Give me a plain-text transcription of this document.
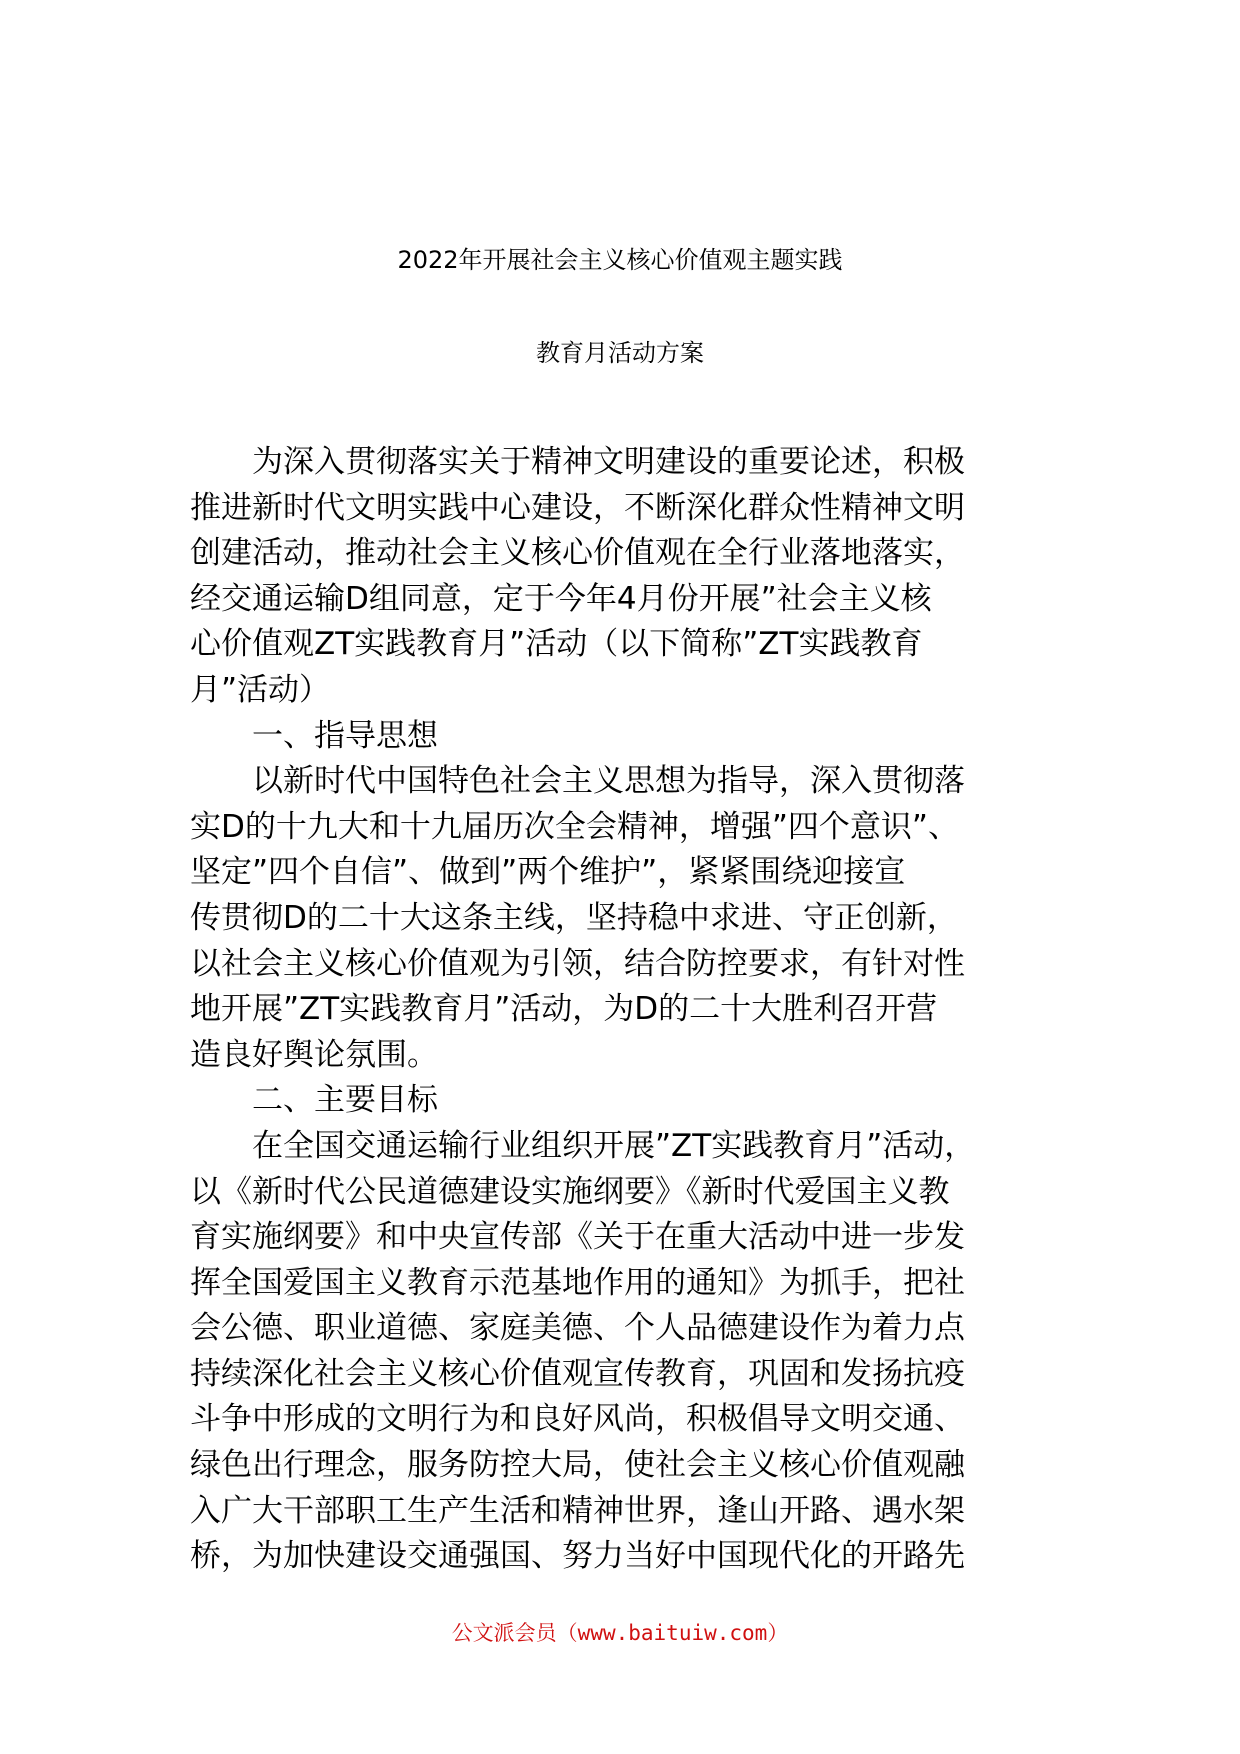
2022年开展社会主义核心价值观主题实践
教育月活动方案
　　为深入贯彻落实关于精神文明建设的重要论述，积极
推进新时代文明实践中心建设，不断深化群众性精神文明
创建活动，推动社会主义核心价值观在全行业落地落实，
经交通运输D组同意，定于今年4月份开展”社会主义核
心价值观ZT实践教育月”活动（以下简称”ZT实践教育
月”活动）
　　一、指导思想
　　以新时代中国特色社会主义思想为指导，深入贯彻落
实D的十九大和十九届历次全会精神，增强”四个意识”、
坚定”四个自信”、做到”两个维护”，紧紧围绕迎接宣
传贯彻D的二十大这条主线，坚持稳中求进、守正创新，
以社会主义核心价值观为引领，结合防控要求，有针对性
地开展”ZT实践教育月”活动，为D的二十大胜利召开营
造良好舆论氛围。
　　二、主要目标
　　在全国交通运输行业组织开展”ZT实践教育月”活动，
以《新时代公民道德建设实施纲要》《新时代爱国主义教
育实施纲要》和中央宣传部《关于在重大活动中进一步发
挥全国爱国主义教育示范基地作用的通知》为抓手，把社
会公德、职业道德、家庭美德、个人品德建设作为着力点
持续深化社会主义核心价值观宣传教育，巩固和发扬抗疫
斗争中形成的文明行为和良好风尚，积极倡导文明交通、
绿色出行理念，服务防控大局，使社会主义核心价值观融
入广大干部职工生产生活和精神世界，逢山开路、遇水架
桥，为加快建设交通强国、努力当好中国现代化的开路先
公文派会员（www.baituiw.com）
